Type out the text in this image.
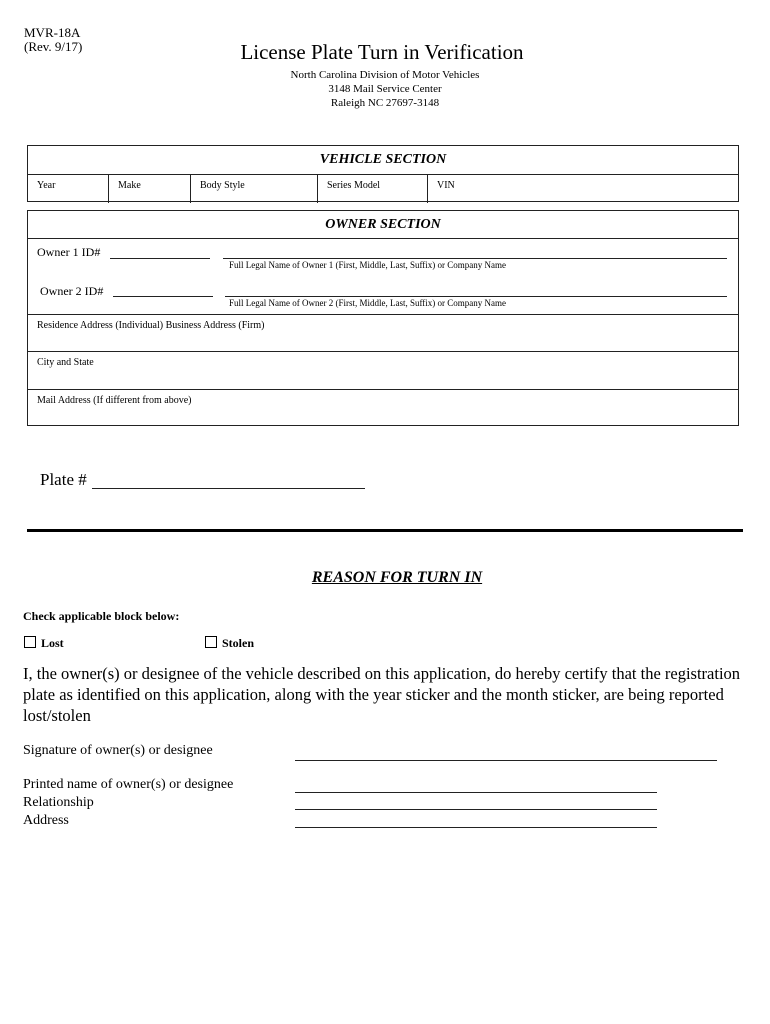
MVR-18A
(Rev. 9/17)	License Plate Turn in Verification
North Carolina Division of Motor Vehicles
3148 Mail Service Center
Raleigh NC 27697-3148
VEHICLE SECTION
Year	Make	Body Style	Series Model	VIN
OWNER SECTION
Owner 1 ID#
Full Legal Name of Owner 1 (First, Middle, Last, Suffix) or Company Name
Owner 2 ID#
Full Legal Name of Owner 2 (First, Middle, Last, Suffix) or Company Name
Residence Address (Individual) Business Address (Firm)
City and State
Mail Address (If different from above)
Plate #
REASON FOR TURN IN
Check applicable block below:
Lost	Stolen
I, the owner(s) or designee of the vehicle described on this application, do hereby certify that the registration plate as identified on this application, along with the year sticker and the month sticker, are being reported lost/stolen
Signature of owner(s) or designee
Printed name of owner(s) or designee
Relationship
Address
